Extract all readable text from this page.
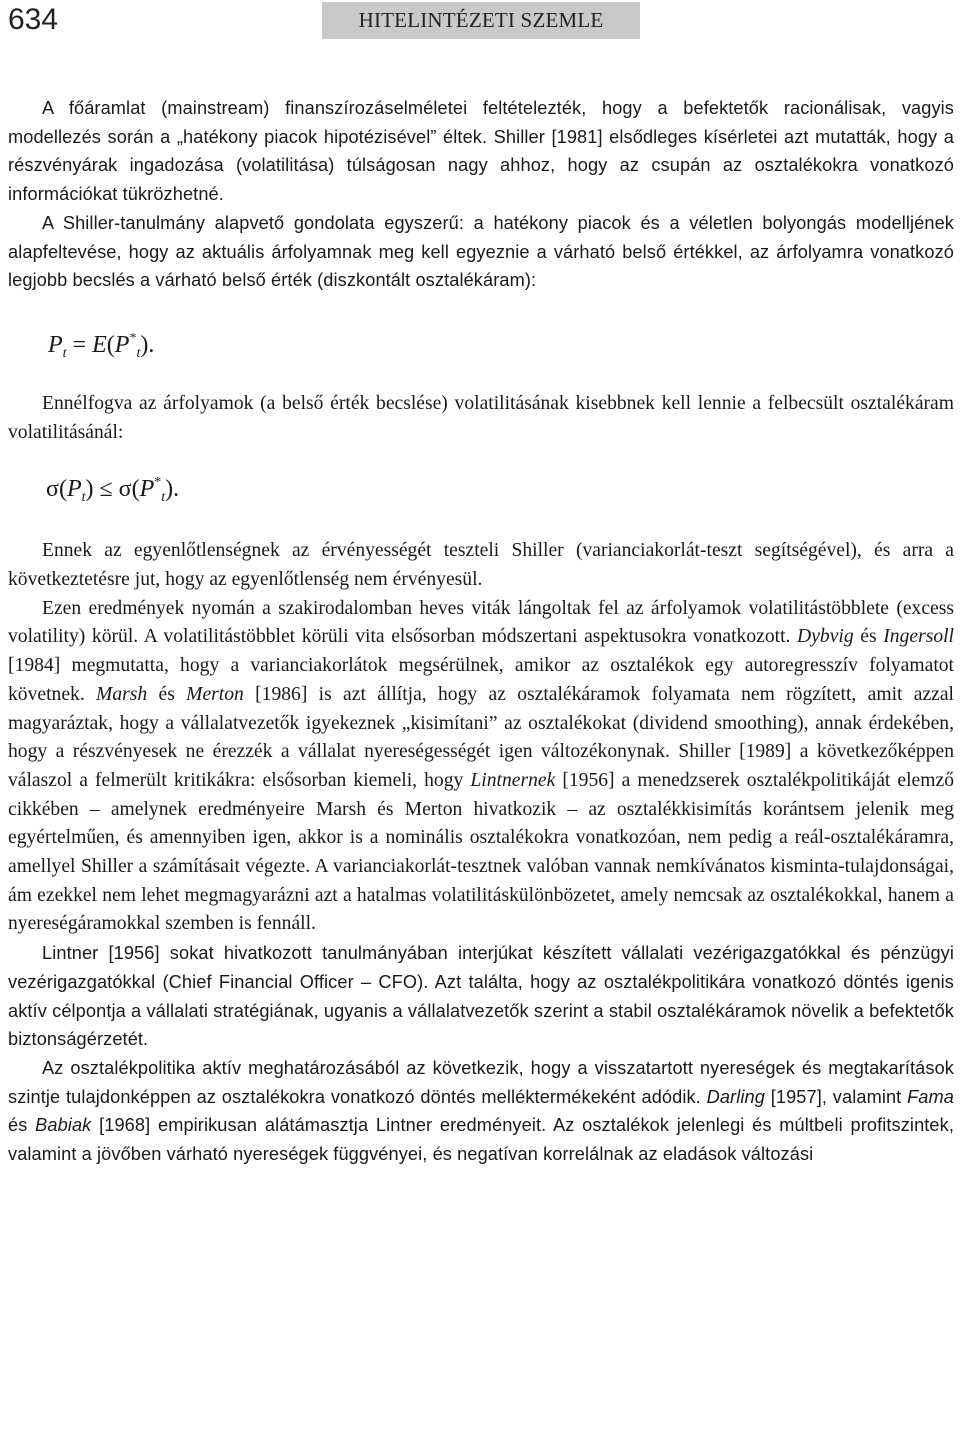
634	HITELINTÉZETI SZEMLE

A főáramlat (mainstream) finanszírozáselméletei feltételezték, hogy a befektetők racionálisak, vagyis modellezés során a „hatékony piacok hipotézisével” éltek. Shiller [1981] elsődleges kísérletei azt mutatták, hogy a részvényárak ingadozása (volatilitása) túlságosan nagy ahhoz, hogy az csupán az osztalékokra vonatkozó információkat tükrözhetné.

A Shiller-tanulmány alapvető gondolata egyszerű: a hatékony piacok és a véletlen bolyongás modelljének alapfeltevése, hogy az aktuális árfolyamnak meg kell egyeznie a várható belső értékkel, az árfolyamra vonatkozó legjobb becslés a várható belső érték (diszkontált osztalékáram):

$P_t = E(P^*_t)$.

Ennélfogva az árfolyamok (a belső érték becslése) volatilitásának kisebbnek kell lennie a felbecsült osztalékáram volatilitásánál:

$\sigma(P_t) \le \sigma(P^*_t)$.

Ennek az egyenlőtlenségnek az érvényességét teszteli Shiller (varianciakorlát-teszt segítségével), és arra a következtetésre jut, hogy az egyenlőtlenség nem érvényesül.

Ezen eredmények nyomán a szakirodalomban heves viták lángoltak fel az árfolyamok volatilitástöbblete (excess volatility) körül. A volatilitástöbblet körüli vita elsősorban módszertani aspektusokra vonatkozott. Dybvig és Ingersoll [1984] megmutatta, hogy a varianciakorlátok megsérülnek, amikor az osztalékok egy autoregresszív folyamatot követnek. Marsh és Merton [1986] is azt állítja, hogy az osztalékáramok folyamata nem rögzített, amit azzal magyaráztak, hogy a vállalatvezetők igyekeznek „kisimítani” az osztalékokat (dividend smoothing), annak érdekében, hogy a részvényesek ne érezzék a vállalat nyereségességét igen változékonynak. Shiller [1989] a következőképpen válaszol a felmerült kritikákra: elsősorban kiemeli, hogy Lintnernek [1956] a menedzserek osztalékpolitikáját elemző cikkében – amelynek eredményeire Marsh és Merton hivatkozik – az osztalékkisimítás korántsem jelenik meg egyértelműen, és amennyiben igen, akkor is a nominális osztalékokra vonatkozóan, nem pedig a reál-osztalékáramra, amellyel Shiller a számításait végezte. A varianciakorlát-tesztnek valóban vannak nemkívánatos kisminta-tulajdonságai, ám ezekkel nem lehet megmagyarázni azt a hatalmas volatilitáskülönbözetet, amely nemcsak az osztalékokkal, hanem a nyereségáramokkal szemben is fennáll.

Lintner [1956] sokat hivatkozott tanulmányában interjúkat készített vállalati vezérigazgatókkal és pénzügyi vezérigazgatókkal (Chief Financial Officer – CFO). Azt találta, hogy az osztalékpolitikára vonatkozó döntés igenis aktív célpontja a vállalati stratégiának, ugyanis a vállalatvezetők szerint a stabil osztalékáramok növelik a befektetők biztonságérzetét.

Az osztalékpolitika aktív meghatározásából az következik, hogy a visszatartott nyereségek és megtakarítások szintje tulajdonképpen az osztalékokra vonatkozó döntés melléktermékeként adódik. Darling [1957], valamint Fama és Babiak [1968] empirikusan alátámasztja Lintner eredményeit. Az osztalékok jelenlegi és múltbeli profitszintek, valamint a jövőben várható nyereségek függvényei, és negatívan korrelálnak az eladások változási
